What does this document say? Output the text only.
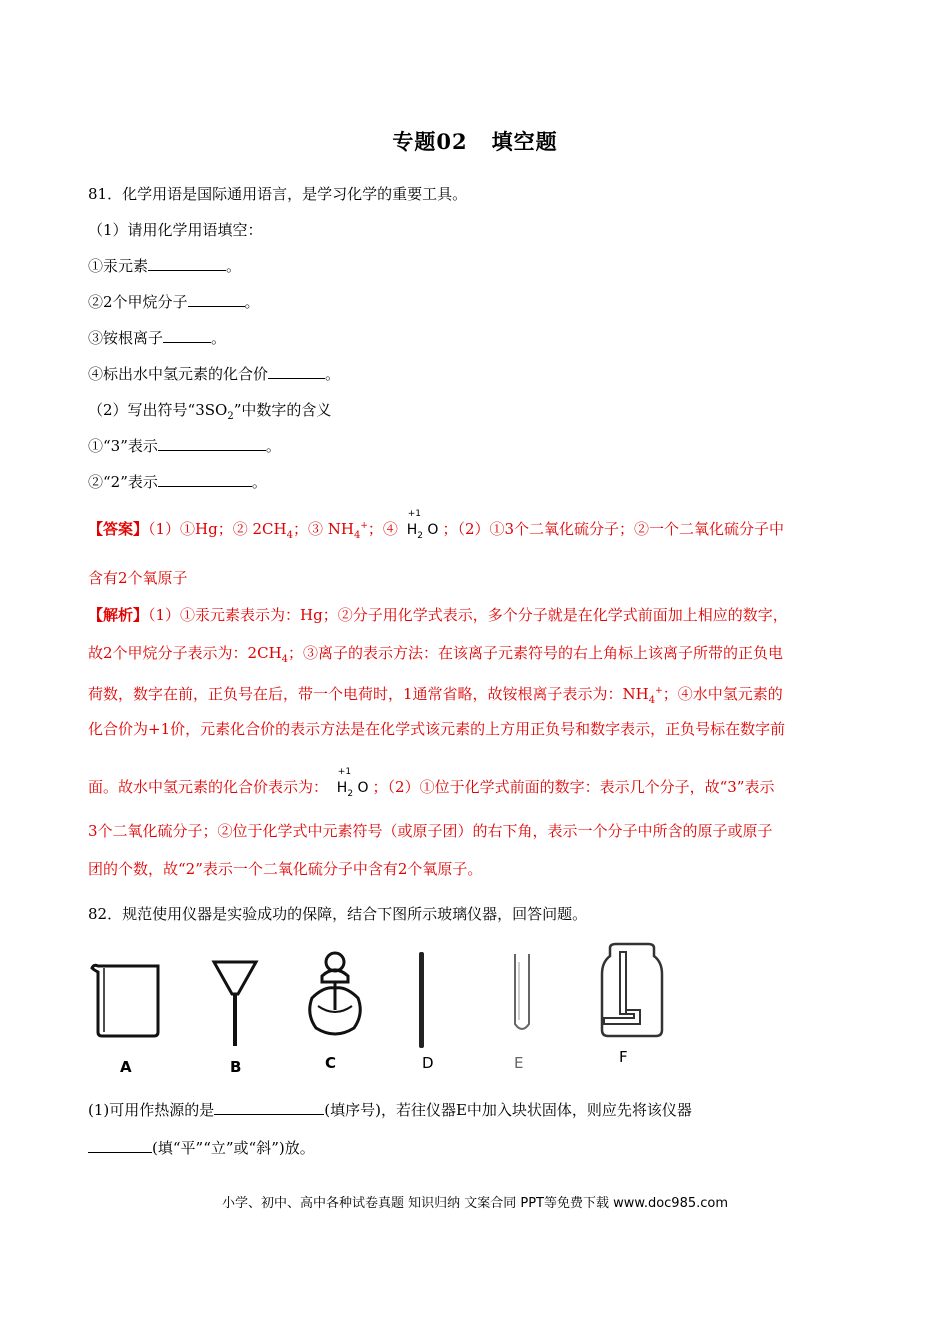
专题02 填空题
81．化学用语是国际通用语言，是学习化学的重要工具。
（1）请用化学用语填空：
①汞元素	。
②2个甲烷分子	。
③铵根离子	。
④标出水中氢元素的化合价	。
（2）写出符号“$3SO_2$”中数字的含义
①“3”表示	。
②“2”表示	。
【答案】（1）①Hg；② $2CH_4$；③ $NH_4^+$；④
+1
$H_2$ O ；（2）①3个二氧化硫分子；②一个二氧化硫分子中
含有2个氧原子
【解析】（1）①汞元素表示为：Hg；②分子用化学式表示，多个分子就是在化学式前面加上相应的数字，
故2个甲烷分子表示为：$2CH_4$；③离子的表示方法：在该离子元素符号的右上角标上该离子所带的正负电
荷数，数字在前，正负号在后，带一个电荷时，1通常省略，故铵根离子表示为：$NH_4^+$；④水中氢元素的
化合价为+1价，元素化合价的表示方法是在化学式该元素的上方用正负号和数字表示，正负号标在数字前
面。故水中氢元素的化合价表示为：
+1
$H_2$ O ；（2）①位于化学式前面的数字：表示几个分子，故“3”表示
3个二氧化硫分子；②位于化学式中元素符号（或原子团）的右下角，表示一个分子中所含的原子或原子
团的个数，故“2”表示一个二氧化硫分子中含有2个氧原子。
82．规范使用仪器是实验成功的保障，结合下图所示玻璃仪器，回答问题。
A	B	C	D	E	F
(1)可用作热源的是	(填序号)，若往仪器E中加入块状固体，则应先将该仪器
(填“平”“立”或“斜”)放。
小学、初中、高中各种试卷真题 知识归纳 文案合同 PPT等免费下载 www.doc985.com
